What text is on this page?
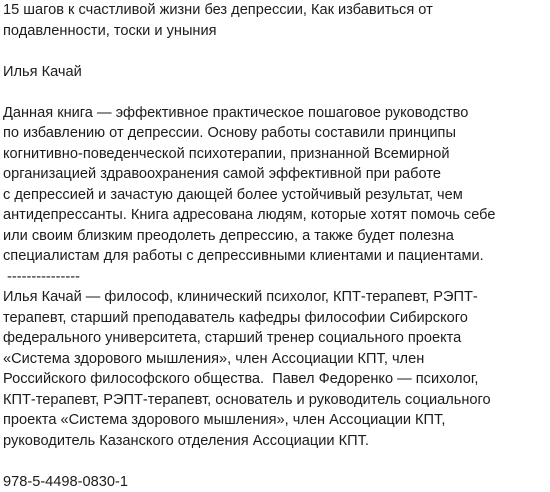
15 шагов к счастливой жизни без депрессии, Как избавиться от
подавленности, тоски и уныния
Илья Качай
Данная книга — эффективное практическое пошаговое руководство
по избавлению от депрессии. Основу работы составили принципы
когнитивно-поведенческой психотерапии, признанной Всемирной
организацией здравоохранения самой эффективной при работе
с депрессией и зачастую дающей более устойчивый результат, чем
антидепрессанты. Книга адресована людям, которые хотят помочь себе
или своим близким преодолеть депрессию, а также будет полезна
специалистам для работы с депрессивными клиентами и пациентами.
---------------
Илья Качай — философ, клинический психолог, КПТ-терапевт, РЭПТ-
терапевт, старший преподаватель кафедры философии Сибирского
федерального университета, старший тренер социального проекта
«Система здорового мышления», член Ассоциации КПТ, член
Российского философского общества.  Павел Федоренко — психолог,
КПТ-терапевт, РЭПТ-терапевт, основатель и руководитель социального
проекта «Система здорового мышления», член Ассоциации КПТ,
руководитель Казанского отделения Ассоциации КПТ.
978-5-4498-0830-1
